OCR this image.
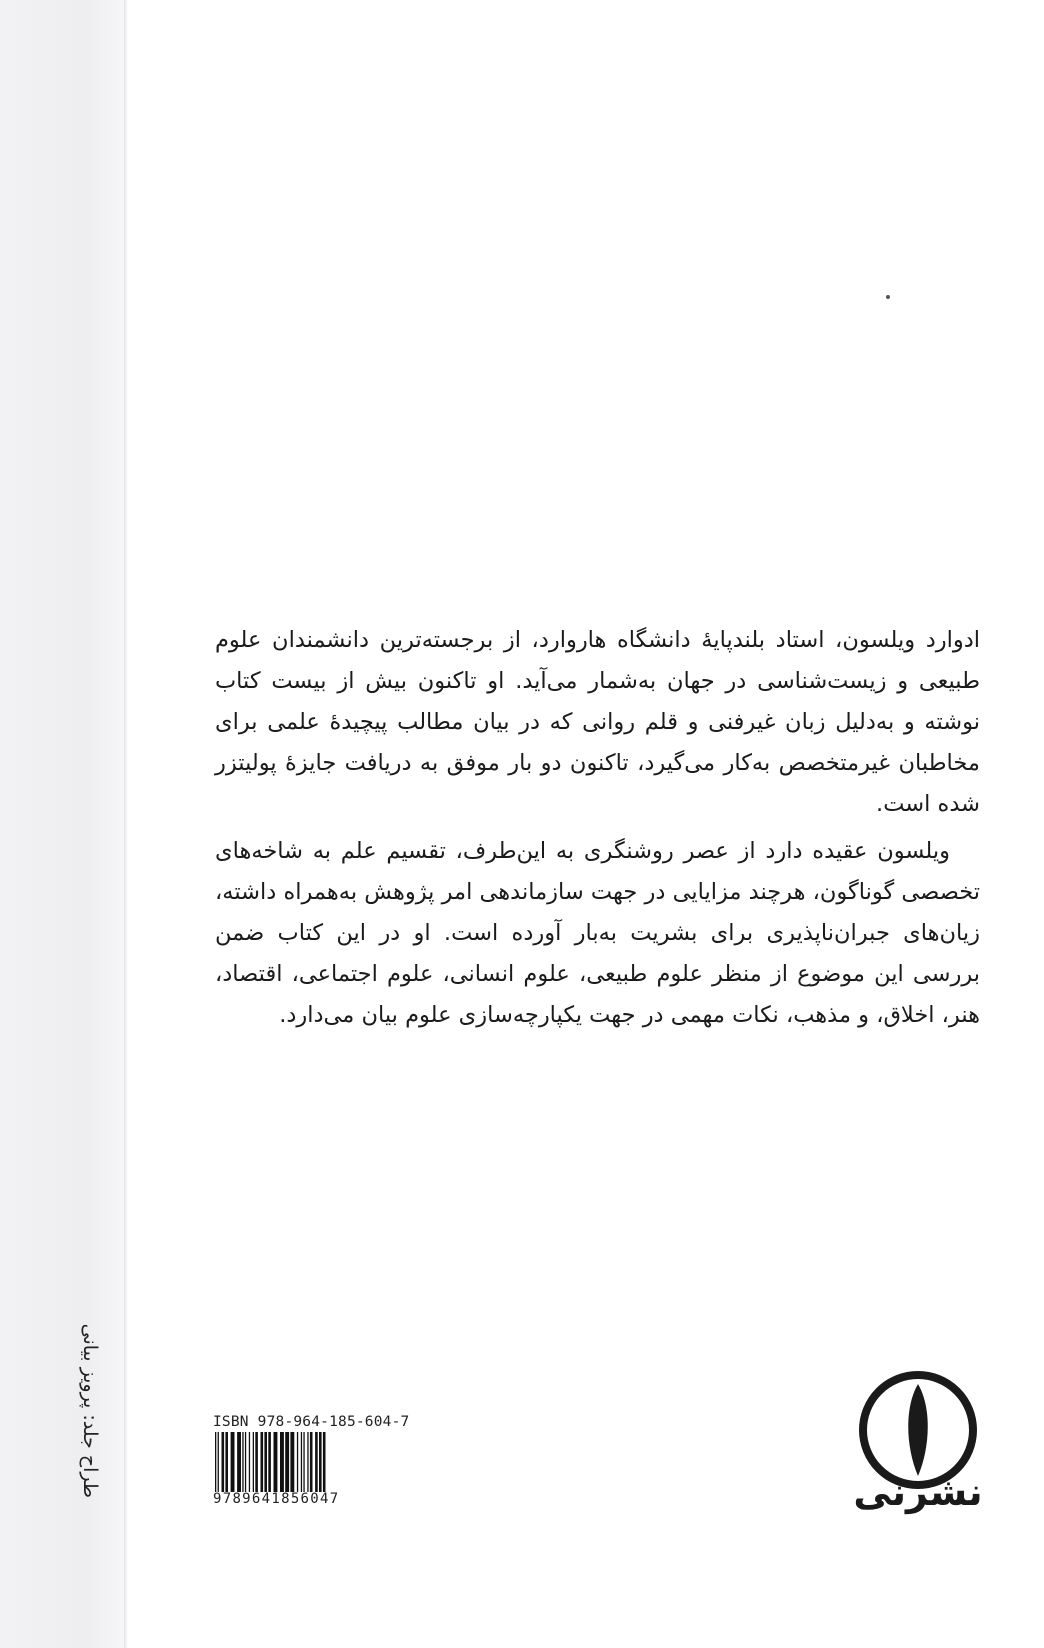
طراح جلد: پرویز بیانی

ادوارد ویلسون، استاد بلندپایهٔ دانشگاه هاروارد، از برجسته‌ترین دانشمندان علوم طبیعی و زیست‌شناسی در جهان به‌شمار می‌آید. او تاکنون بیش از بیست کتاب نوشته و به‌دلیل زبان غیرفنی و قلم روانی که در بیان مطالب پیچیدهٔ علمی برای مخاطبان غیرمتخصص به‌کار می‌گیرد، تاکنون دو بار موفق به دریافت جایزهٔ پولیتزر شده است.

ویلسون عقیده دارد از عصر روشنگری به این‌طرف، تقسیم علم به شاخه‌های تخصصی گوناگون، هرچند مزایایی در جهت سازماندهی امر پژوهش به‌همراه داشته، زیان‌های جبران‌ناپذیری برای بشریت به‌بار آورده است. او در این کتاب ضمن بررسی این موضوع از منظر علوم طبیعی، علوم انسانی، علوم اجتماعی، اقتصاد، هنر، اخلاق، و مذهب، نکات مهمی در جهت یکپارچه‌سازی علوم بیان می‌دارد.

ISBN 978-964-185-604-7
9789641856047	نشرنی
